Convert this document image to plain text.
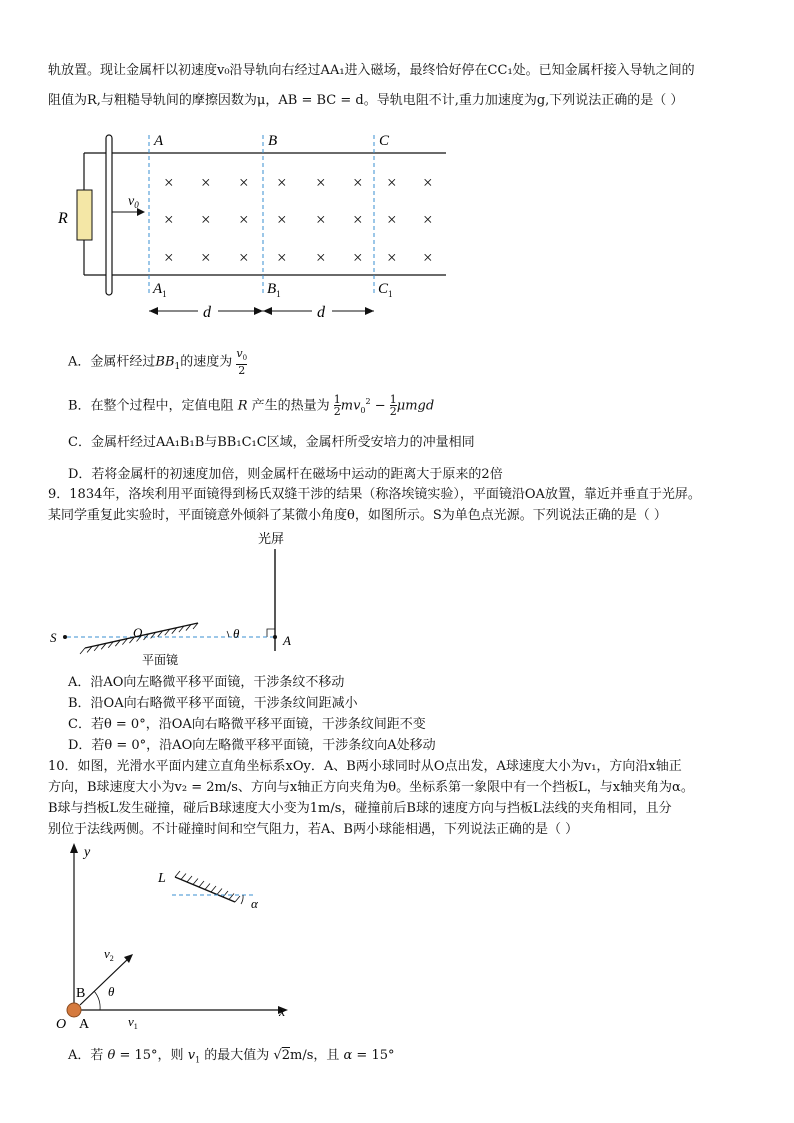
轨放置。现让金属杆以初速度v₀沿导轨向右经过AA₁进入磁场，最终恰好停在CC₁处。已知金属杆接入导轨之间的
阻值为R,与粗糙导轨间的摩擦因数为μ，AB = BC = d。导轨电阻不计,重力加速度为g,下列说法正确的是（ ）
R
$v_0$
A	B	C
$A_1$	$B_1$	$C_1$
d	d
× × × × × × × ×
× × × × × × × ×
× × × × × × × ×
A．金属杆经过$BB_1$的速度为 $v_0$

2
B．在整个过程中，定值电阻 R 产生的热量为 1

2 $mv_0^2 - 1$

2 μmgd
C．金属杆经过AA₁B₁B与BB₁C₁C区域，金属杆所受安培力的冲量相同
D．若将金属杆的初速度加倍，则金属杆在磁场中运动的距离大于原来的2倍
9．1834年，洛埃利用平面镜得到杨氏双缝干涉的结果（称洛埃镜实验），平面镜沿OA放置，靠近并垂直于光屏。
某同学重复此实验时，平面镜意外倾斜了某微小角度θ，如图所示。S为单色点光源。下列说法正确的是（ ）
光屏
A
S	O	θ
平面镜
A．沿AO向左略微平移平面镜，干涉条纹不移动
B．沿OA向右略微平移平面镜，干涉条纹间距减小
C．若θ = 0°，沿OA向右略微平移平面镜，干涉条纹间距不变
D．若θ = 0°，沿AO向左略微平移平面镜，干涉条纹向A处移动
10．如图，光滑水平面内建立直角坐标系xOy．A、B两小球同时从O点出发，A球速度大小为v₁，方向沿x轴正
方向，B球速度大小为v₂ = 2m/s、方向与x轴正方向夹角为θ。坐标系第一象限中有一个挡板L，与x轴夹角为α。
B球与挡板L发生碰撞，碰后B球速度大小变为1m/s，碰撞前后B球的速度方向与挡板L法线的夹角相同，且分
别位于法线两侧。不计碰撞时间和空气阻力，若A、B两小球能相遇，下列说法正确的是（ ）
y
x
O A
B
$v_1$
$v_2$
θ
L
α
A．若 θ = 15°，则 $v_1$ 的最大值为 √2m/s，且 α = 15°
